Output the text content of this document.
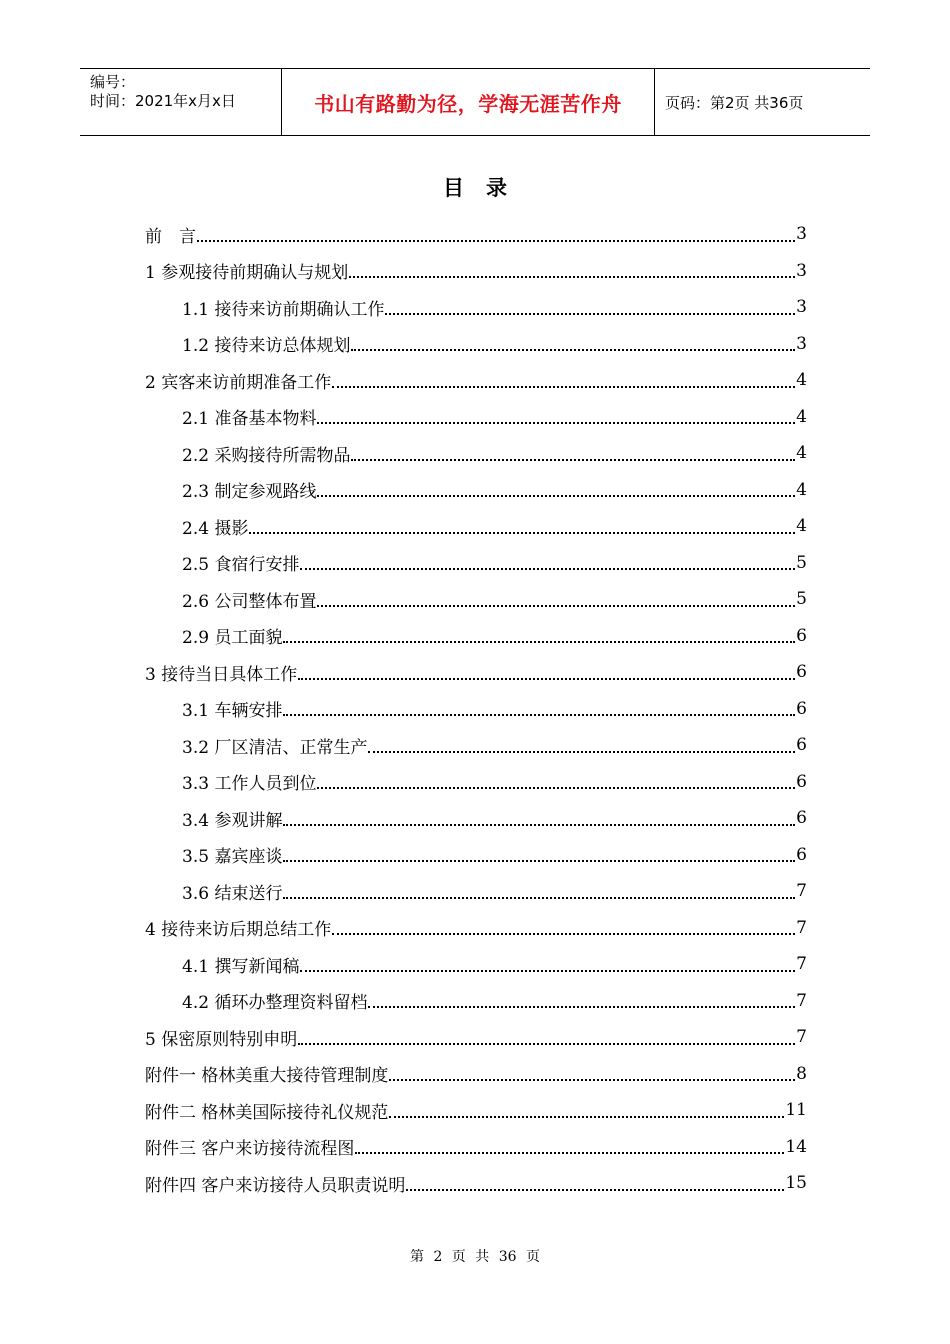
编号：
时间：2021年x月x日	书山有路勤为径，学海无涯苦作舟	页码：第2页 共36页
目录
前　言	3
1 参观接待前期确认与规划	3
1.1 接待来访前期确认工作	3
1.2 接待来访总体规划	3
2 宾客来访前期准备工作	4
2.1 准备基本物料	4
2.2 采购接待所需物品	4
2.3 制定参观路线	4
2.4 摄影	4
2.5 食宿行安排	5
2.6 公司整体布置	5
2.9 员工面貌	6
3 接待当日具体工作	6
3.1 车辆安排	6
3.2 厂区清洁、正常生产	6
3.3 工作人员到位	6
3.4 参观讲解	6
3.5 嘉宾座谈	6
3.6 结束送行	7
4 接待来访后期总结工作	7
4.1 撰写新闻稿	7
4.2 循环办整理资料留档	7
5 保密原则特别申明	7
附件一 格林美重大接待管理制度	8
附件二 格林美国际接待礼仪规范	11
附件三 客户来访接待流程图	14
附件四 客户来访接待人员职责说明	15
第 2 页 共 36 页
